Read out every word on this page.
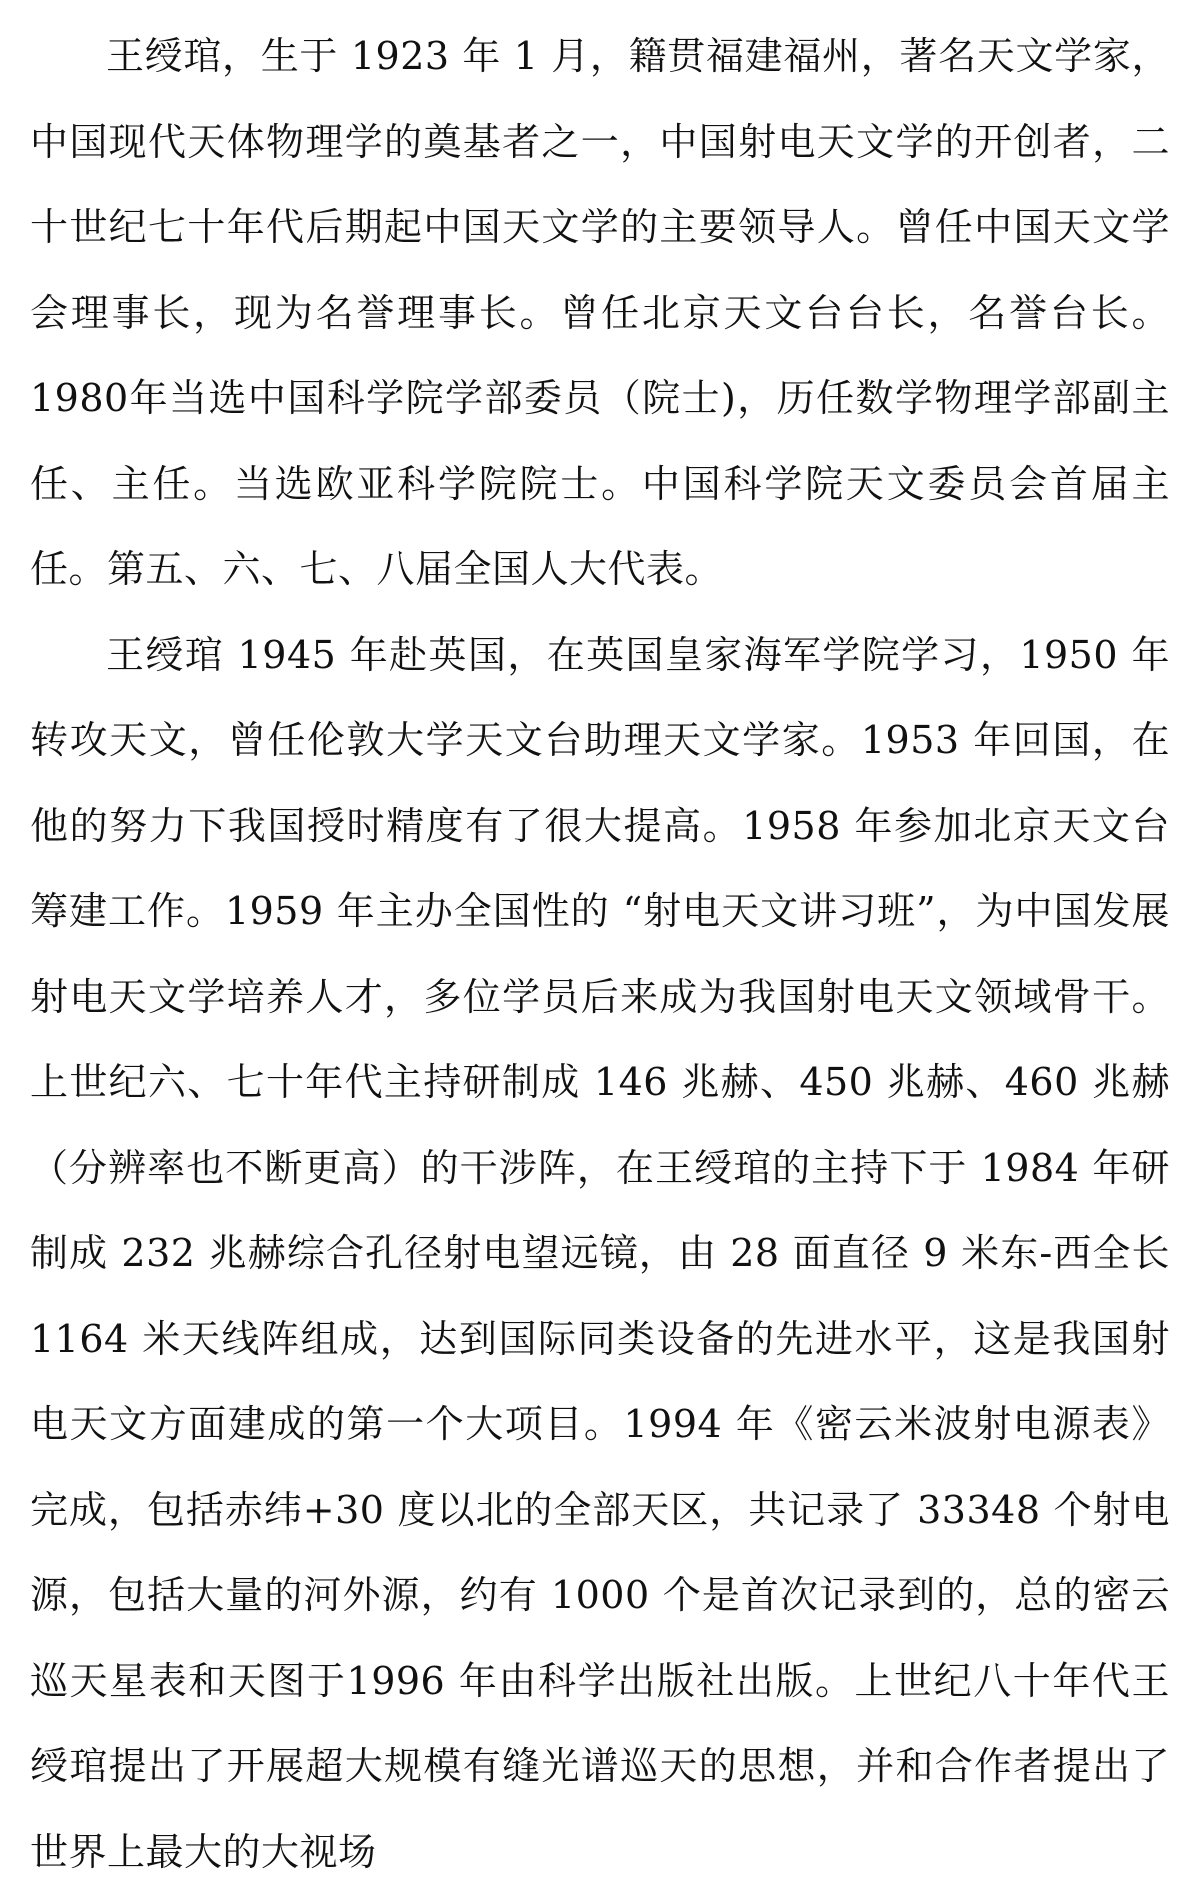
王绶琯，生于 1923 年 1 月，籍贯福建福州，著名天文学家，中国现代天体物理学的奠基者之一，中国射电天文学的开创者，二十世纪七十年代后期起中国天文学的主要领导人。曾任中国天文学会理事长，现为名誉理事长。曾任北京天文台台长，名誉台长。1980年当选中国科学院学部委员（院士)，历任数学物理学部副主任、主任。当选欧亚科学院院士。中国科学院天文委员会首届主任。第五、六、七、八届全国人大代表。

王绶琯 1945 年赴英国，在英国皇家海军学院学习，1950 年转攻天文，曾任伦敦大学天文台助理天文学家。1953 年回国，在他的努力下我国授时精度有了很大提高。1958 年参加北京天文台筹建工作。1959 年主办全国性的 “射电天文讲习班”，为中国发展射电天文学培养人才，多位学员后来成为我国射电天文领域骨干。上世纪六、七十年代主持研制成 146 兆赫、450 兆赫、460 兆赫（分辨率也不断更高）的干涉阵，在王绶琯的主持下于 1984 年研制成 232 兆赫综合孔径射电望远镜，由 28 面直径 9 米东-西全长 1164 米天线阵组成，达到国际同类设备的先进水平，这是我国射电天文方面建成的第一个大项目。1994 年《密云米波射电源表》完成，包括赤纬+30 度以北的全部天区，共记录了 33348 个射电源，包括大量的河外源，约有 1000 个是首次记录到的，总的密云巡天星表和天图于1996 年由科学出版社出版。上世纪八十年代王绶琯提出了开展超大规模有缝光谱巡天的思想，并和合作者提出了世界上最大的大视场
